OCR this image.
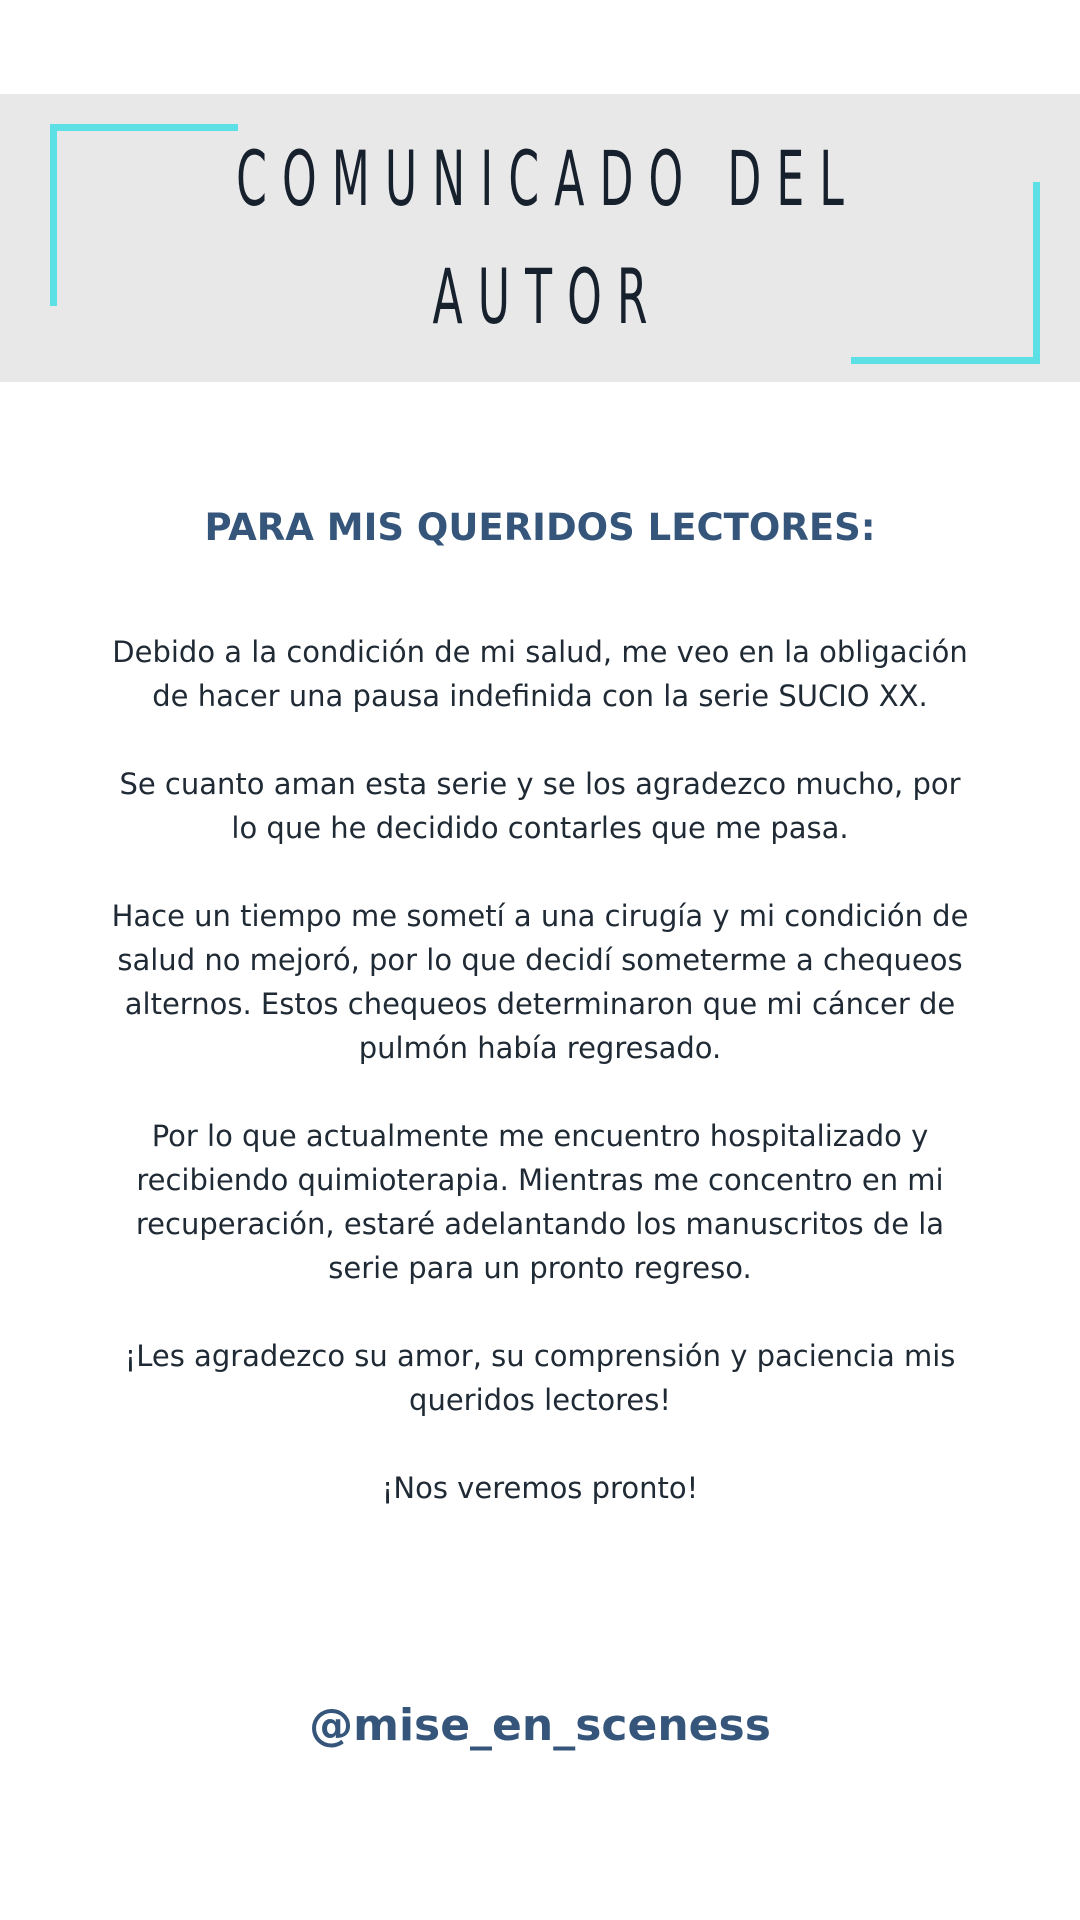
COMUNICADO DEL
AUTOR
PARA MIS QUERIDOS LECTORES:

Debido a la condición de mi salud, me veo en la obligación de hacer una pausa indefinida con la serie SUCIO XX.

Se cuanto aman esta serie y se los agradezco mucho, por lo que he decidido contarles que me pasa.

Hace un tiempo me sometí a una cirugía y mi condición de salud no mejoró, por lo que decidí someterme a chequeos alternos. Estos chequeos determinaron que mi cáncer de pulmón había regresado.

Por lo que actualmente me encuentro hospitalizado y recibiendo quimioterapia. Mientras me concentro en mi recuperación, estaré adelantando los manuscritos de la serie para un pronto regreso.

¡Les agradezco su amor, su comprensión y paciencia mis queridos lectores!

¡Nos veremos pronto!

@mise_en_sceness
